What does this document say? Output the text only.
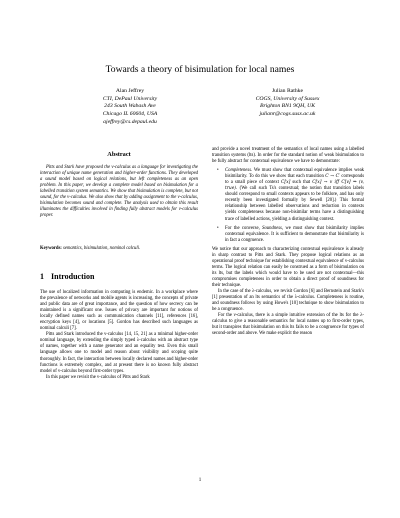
Towards a theory of bisimulation for local names
Alan Jeffrey
CTI, DePaul University
243 South Wabash Ave
Chicago IL 60604, USA
ajeffrey@cs.depaul.edu
Julian Rathke
COGS, University of Sussex
Brighton BN1 9QH, UK
julianr@cogs.susx.ac.uk
Abstract

Pitts and Stark have proposed the ν-calculus as a language for investigating the interaction of unique name generation and higher-order functions. They developed a sound model based on logical relations, but left completeness as an open problem. In this paper, we develop a complete model based on bisimulation for a labelled transition system semantics. We show that bisimulation is complete, but not sound, for the ν-calculus. We also show that by adding assignment to the ν-calculus, bisimulation becomes sound and complete. The analysis used to obtain this result illuminates the difficulties involved in finding fully abstract models for ν-calculus proper.

Keywords: semantics, bisimulation, nominal calculi.
1 Introduction

The use of localized information in computing is endemic. In a workplace where the prevalence of networks and mobile agents is increasing, the concepts of private and public data are of great importance, and the question of how secrecy can be maintained is a significant one. Issues of privacy are important for notions of locally defined names such as communication channels [11], references [16], encryption keys [4], or locations [5]. Gordon has described such languages as nominal calculi [7].

Pitts and Stark introduced the ν-calculus [14, 15, 21] as a minimal higher-order nominal language, by extending the simply typed λ-calculus with an abstract type of names, together with a name generator and an equality test. Even this small language allows one to model and reason about visibility and scoping quite thoroughly. In fact, the interaction between locally declared names and higher-order functions is extremely complex, and at present there is no known fully abstract model of ν-calculus beyond first-order types.

In this paper we revisit the ν-calculus of Pitts and Stark

and provide a novel treatment of the semantics of local names using a labelled transition systems (lts). In order for the standard notion of weak bisimulation to be fully abstract for contextual equivalence we have to demonstrate:

• Completeness. We must show that contextual equivalence implies weak bisimilarity. To do this we show that each transition C → C′ corresponds to a small piece of context C[x] such that C[x] → v iff C[v] ⇒ (v, true). (We call such Ts's contextual; the notion that transition labels should correspond to small contexts appears to be folklore, and has only recently been investigated formally by Sewell [20].) This formal relationship between labelled observations and reduction in contexts yields completeness because non-bisimilar terms have a distinguishing trace of labelled actions, yielding a distinguishing context.
• For the converse, Soundness, we must show that bisimilarity implies contextual equivalence. It is sufficient to demonstrate that bisimilarity is in fact a congruence.

We notice that our approach to characterizing contextual equivalence is already in sharp contrast to Pitts and Stark. They propose logical relations as an operational proof technique for establishing contextual equivalence of ν-calculus terms. The logical relation can easily be construed as a form of bisimulation on its lts, but the labels which would have to be used are not contextual—this compromises completeness in order to obtain a direct proof of soundness for their technique.

In the case of the λ-calculus, we revisit Gordon [6] and Bernstein and Stark's [1] presentation of an lts semantics of the λ-calculus. Completeness is routine, and soundness follows by using Howe's [10] technique to show bisimulation to be a congruence.

For the ν-calculus, there is a simple intuitive extension of the lts for the λ-calculus to give a reasonable semantics for local names up to first-order types, but it transpires that bisimulation on this lts fails to be a congruence for types of second-order and above. We make explicit the reason

1
